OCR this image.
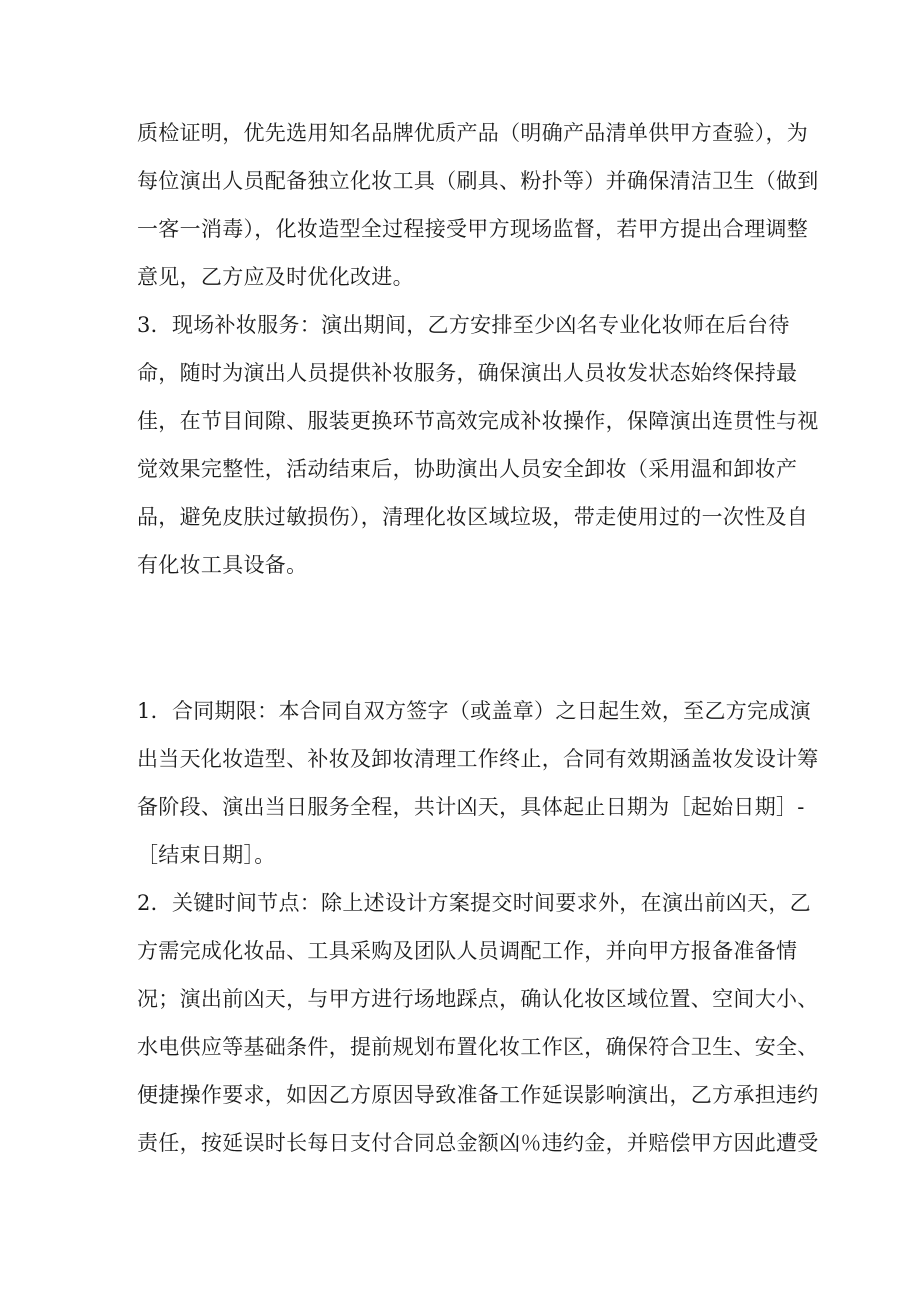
质检证明，优先选用知名品牌优质产品（明确产品清单供甲方查验），为
每位演出人员配备独立化妆工具（刷具、粉扑等）并确保清洁卫生（做到
一客一消毒），化妆造型全过程接受甲方现场监督，若甲方提出合理调整
意见，乙方应及时优化改进。
3．现场补妆服务：演出期间，乙方安排至少凶名专业化妆师在后台待
命，随时为演出人员提供补妆服务，确保演出人员妆发状态始终保持最
佳，在节目间隙、服装更换环节高效完成补妆操作，保障演出连贯性与视
觉效果完整性，活动结束后，协助演出人员安全卸妆（采用温和卸妆产
品，避免皮肤过敏损伤），清理化妆区域垃圾，带走使用过的一次性及自
有化妆工具设备。
1．合同期限：本合同自双方签字（或盖章）之日起生效，至乙方完成演
出当天化妆造型、补妆及卸妆清理工作终止，合同有效期涵盖妆发设计筹
备阶段、演出当日服务全程，共计凶天，具体起止日期为［起始日期］-
［结束日期］。
2．关键时间节点：除上述设计方案提交时间要求外，在演出前凶天，乙
方需完成化妆品、工具采购及团队人员调配工作，并向甲方报备准备情
况；演出前凶天，与甲方进行场地踩点，确认化妆区域位置、空间大小、
水电供应等基础条件，提前规划布置化妆工作区，确保符合卫生、安全、
便捷操作要求，如因乙方原因导致准备工作延误影响演出，乙方承担违约
责任，按延误时长每日支付合同总金额凶％违约金，并赔偿甲方因此遭受
